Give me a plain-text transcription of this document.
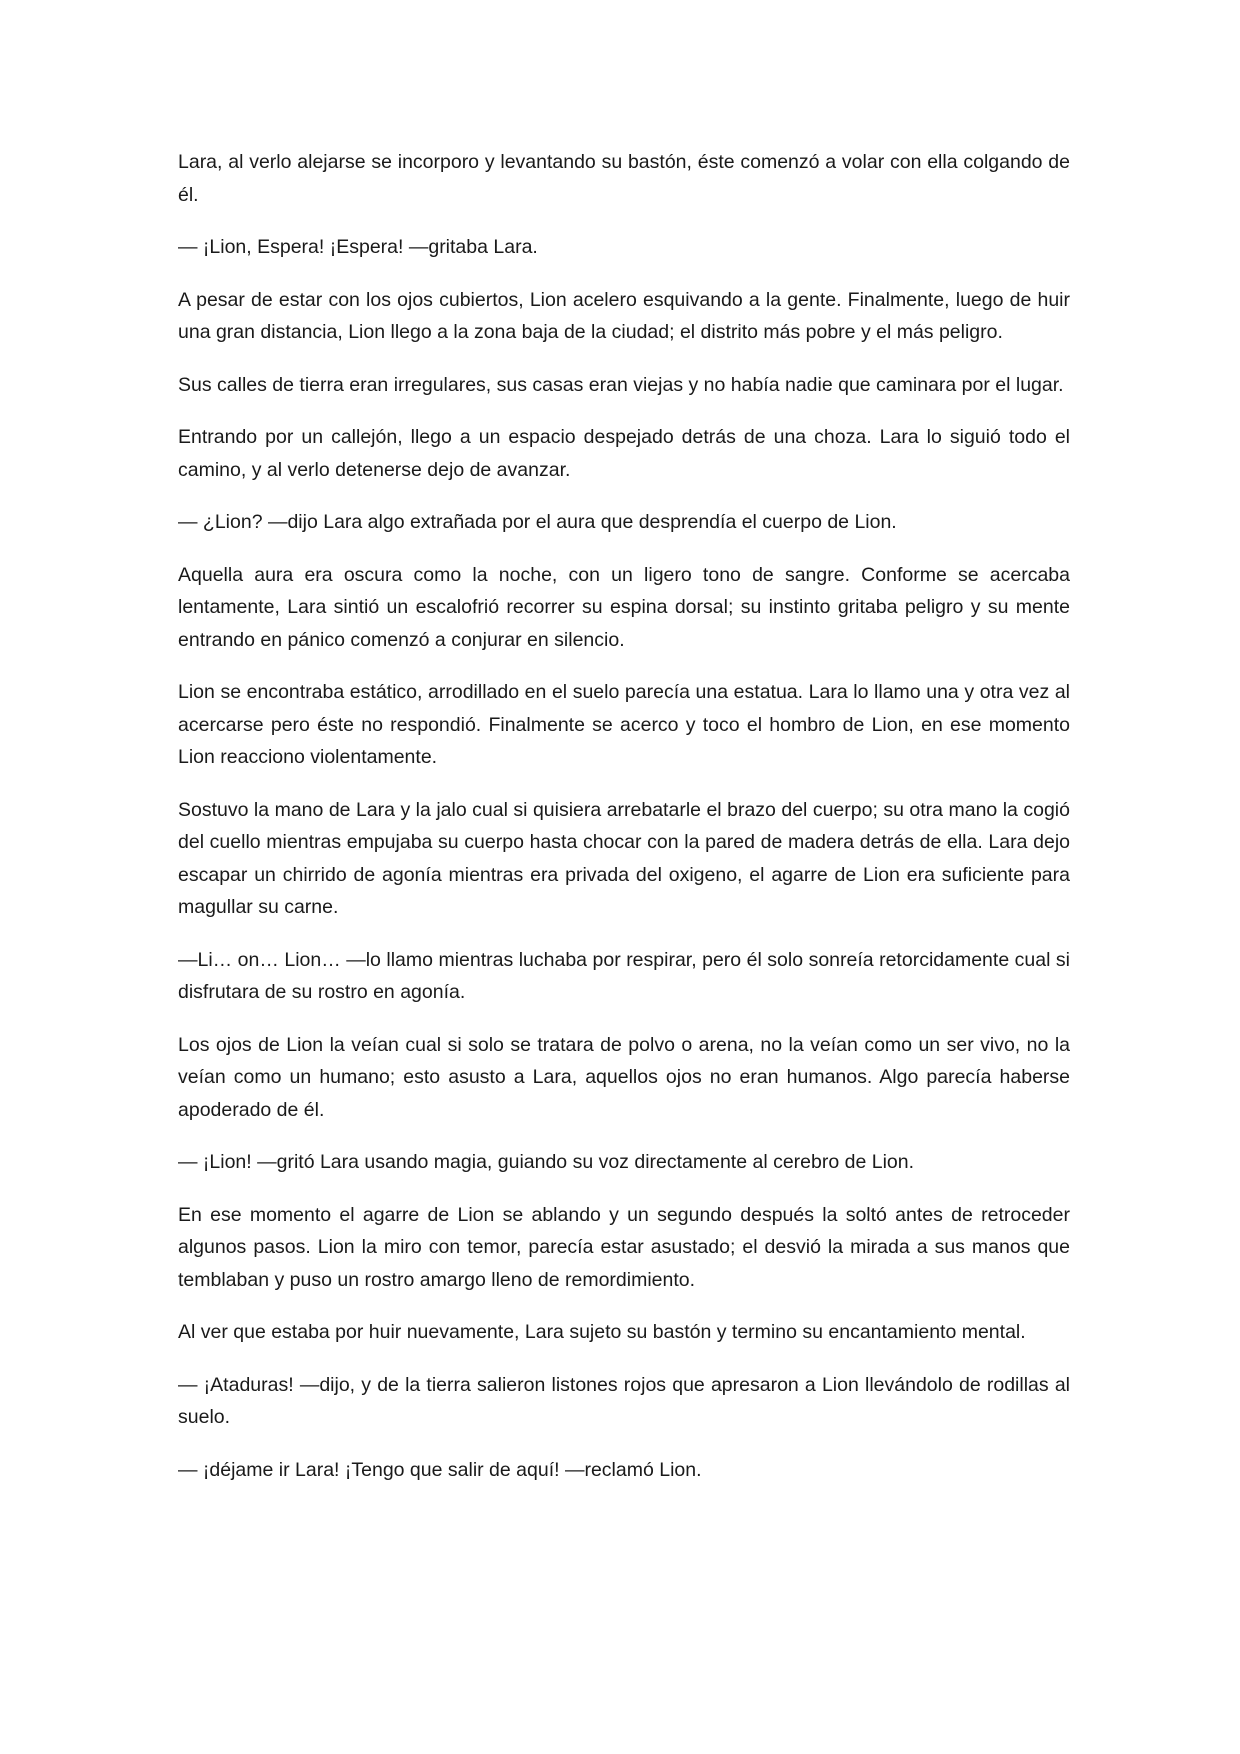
Lara, al verlo alejarse se incorporo y levantando su bastón, éste comenzó a volar con ella colgando de él.

— ¡Lion, Espera! ¡Espera! —gritaba Lara.

A pesar de estar con los ojos cubiertos, Lion acelero esquivando a la gente. Finalmente, luego de huir una gran distancia, Lion llego a la zona baja de la ciudad; el distrito más pobre y el más peligro.

Sus calles de tierra eran irregulares, sus casas eran viejas y no había nadie que caminara por el lugar.

Entrando por un callejón, llego a un espacio despejado detrás de una choza. Lara lo siguió todo el camino, y al verlo detenerse dejo de avanzar.

— ¿Lion? —dijo Lara algo extrañada por el aura que desprendía el cuerpo de Lion.

Aquella aura era oscura como la noche, con un ligero tono de sangre. Conforme se acercaba lentamente, Lara sintió un escalofrió recorrer su espina dorsal; su instinto gritaba peligro y su mente entrando en pánico comenzó a conjurar en silencio.

Lion se encontraba estático, arrodillado en el suelo parecía una estatua. Lara lo llamo una y otra vez al acercarse pero éste no respondió. Finalmente se acerco y toco el hombro de Lion, en ese momento Lion reacciono violentamente.

Sostuvo la mano de Lara y la jalo cual si quisiera arrebatarle el brazo del cuerpo; su otra mano la cogió del cuello mientras empujaba su cuerpo hasta chocar con la pared de madera detrás de ella. Lara dejo escapar un chirrido de agonía mientras era privada del oxigeno, el agarre de Lion era suficiente para magullar su carne.

—Li… on… Lion… —lo llamo mientras luchaba por respirar, pero él solo sonreía retorcidamente cual si disfrutara de su rostro en agonía.

Los ojos de Lion la veían cual si solo se tratara de polvo o arena, no la veían como un ser vivo, no la veían como un humano; esto asusto a Lara, aquellos ojos no eran humanos. Algo parecía haberse apoderado de él.

— ¡Lion! —gritó Lara usando magia, guiando su voz directamente al cerebro de Lion.

En ese momento el agarre de Lion se ablando y un segundo después la soltó antes de retroceder algunos pasos. Lion la miro con temor, parecía estar asustado; el desvió la mirada a sus manos que temblaban y puso un rostro amargo lleno de remordimiento.

Al ver que estaba por huir nuevamente, Lara sujeto su bastón y termino su encantamiento mental.

— ¡Ataduras! —dijo, y de la tierra salieron listones rojos que apresaron a Lion llevándolo de rodillas al suelo.

— ¡déjame ir Lara! ¡Tengo que salir de aquí! —reclamó Lion.
